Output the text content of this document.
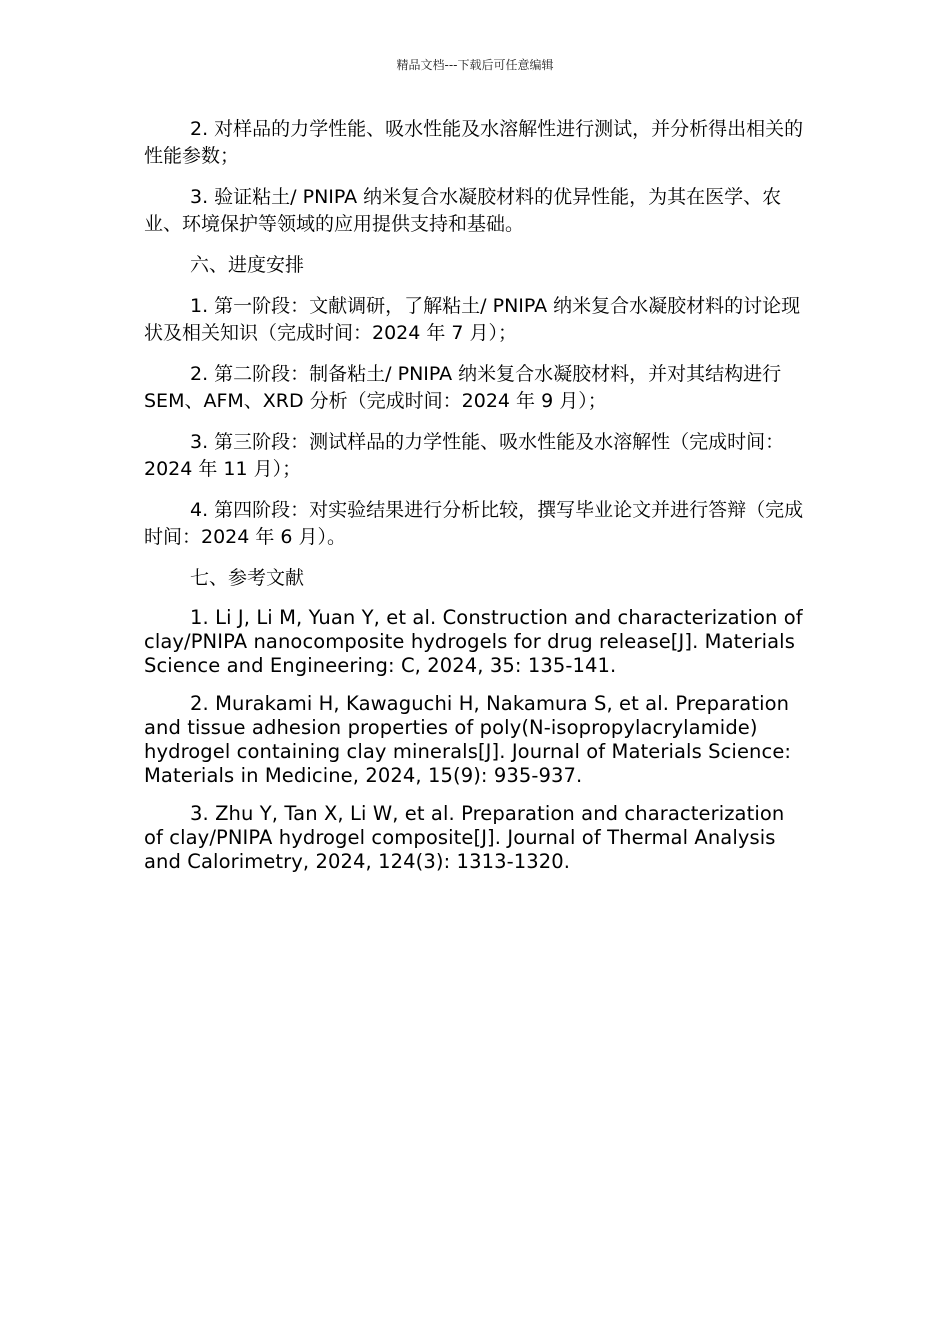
精品文档---下载后可任意编辑

2. 对样品的力学性能、吸水性能及水溶解性进行测试，并分析得出相关的性能参数；

3. 验证粘土/ PNIPA 纳米复合水凝胶材料的优异性能，为其在医学、农业、环境保护等领域的应用提供支持和基础。

六、进度安排

1. 第一阶段：文献调研，了解粘土/ PNIPA 纳米复合水凝胶材料的讨论现状及相关知识（完成时间：2024 年 7 月）；

2. 第二阶段：制备粘土/ PNIPA 纳米复合水凝胶材料，并对其结构进行 SEM、AFM、XRD 分析（完成时间：2024 年 9 月）；

3. 第三阶段：测试样品的力学性能、吸水性能及水溶解性（完成时间：2024 年 11 月）；

4. 第四阶段：对实验结果进行分析比较，撰写毕业论文并进行答辩（完成时间：2024 年 6 月）。

七、参考文献

1. Li J, Li M, Yuan Y, et al. Construction and characterization of clay/PNIPA nanocomposite hydrogels for drug release[J]. Materials Science and Engineering: C, 2024, 35: 135-141.

2. Murakami H, Kawaguchi H, Nakamura S, et al. Preparation and tissue adhesion properties of poly(N-isopropylacrylamide) hydrogel containing clay minerals[J]. Journal of Materials Science: Materials in Medicine, 2024, 15(9): 935-937.

3. Zhu Y, Tan X, Li W, et al. Preparation and characterization of clay/PNIPA hydrogel composite[J]. Journal of Thermal Analysis and Calorimetry, 2024, 124(3): 1313-1320.
